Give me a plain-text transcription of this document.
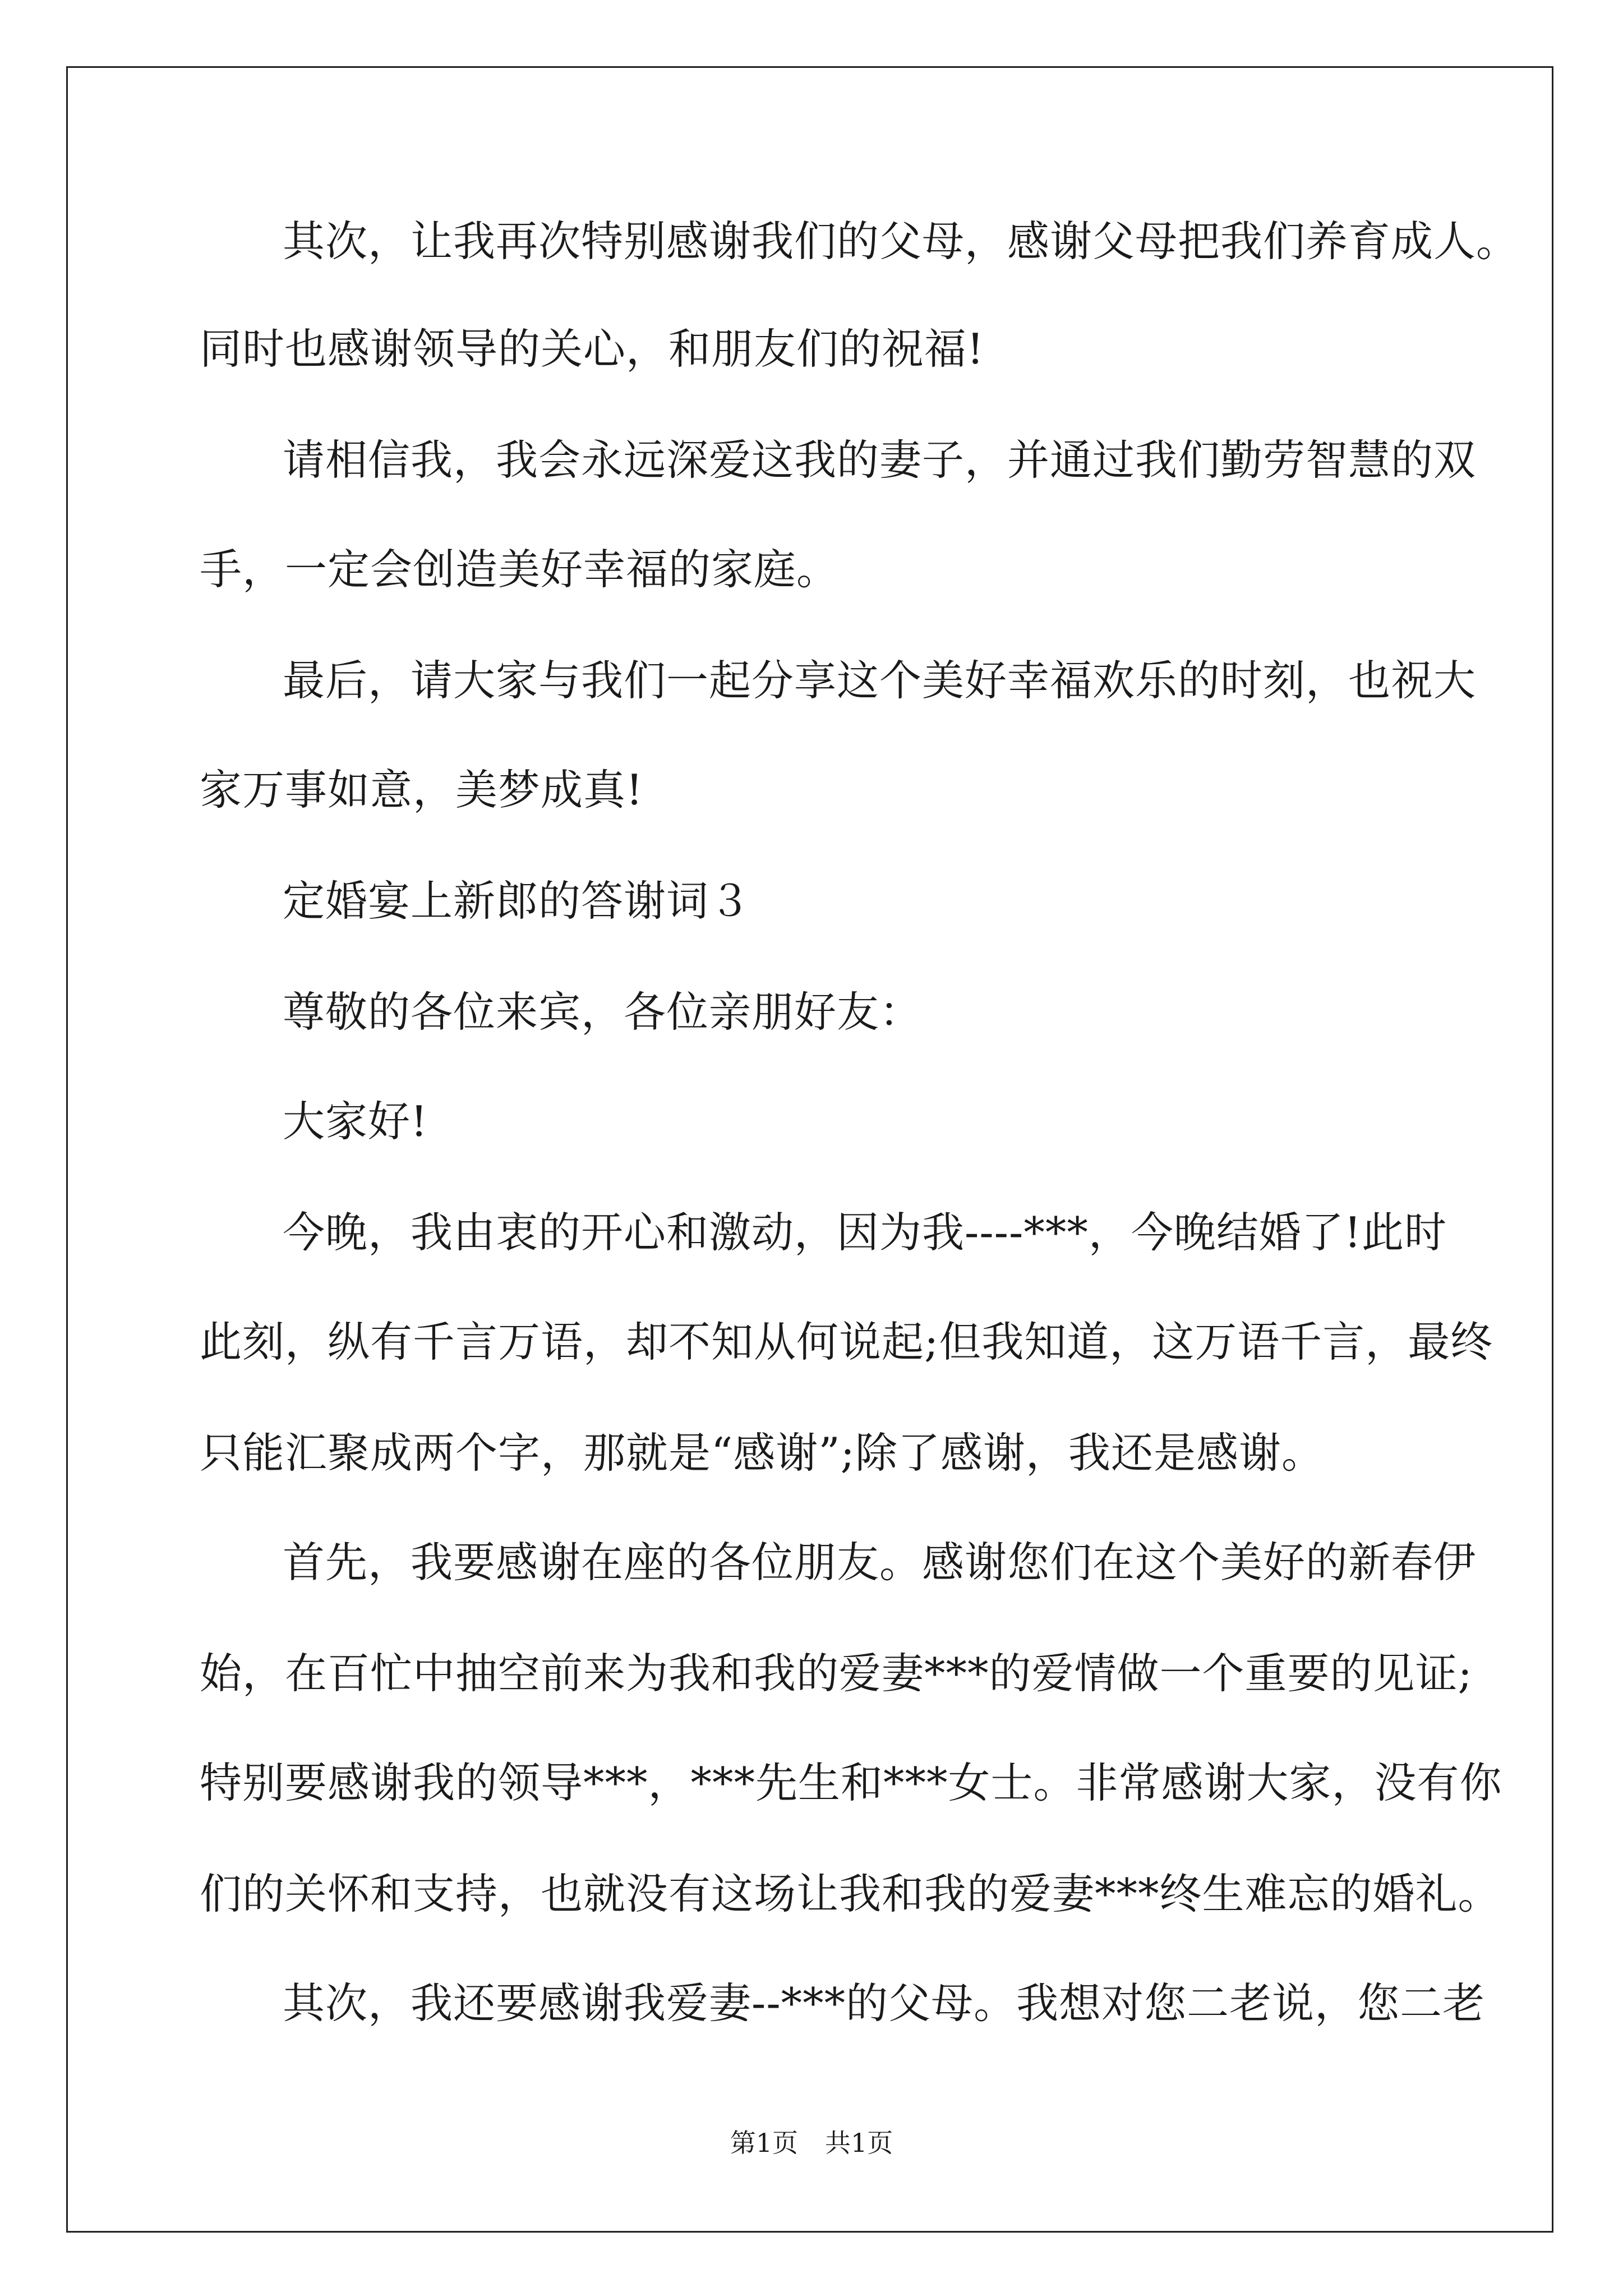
其次，让我再次特别感谢我们的父母，感谢父母把我们养育成人。
同时也感谢领导的关心，和朋友们的祝福!
请相信我，我会永远深爱这我的妻子，并通过我们勤劳智慧的双
手，一定会创造美好幸福的家庭。
最后，请大家与我们一起分享这个美好幸福欢乐的时刻，也祝大
家万事如意，美梦成真!
定婚宴上新郎的答谢词３
尊敬的各位来宾，各位亲朋好友：
大家好!
今晚，我由衷的开心和激动，因为我----***，今晚结婚了!此时
此刻，纵有千言万语，却不知从何说起;但我知道，这万语千言，最终
只能汇聚成两个字，那就是“感谢”;除了感谢，我还是感谢。
首先，我要感谢在座的各位朋友。感谢您们在这个美好的新春伊
始，在百忙中抽空前来为我和我的爱妻***的爱情做一个重要的见证;
特别要感谢我的领导***，***先生和***女士。非常感谢大家，没有你
们的关怀和支持，也就没有这场让我和我的爱妻***终生难忘的婚礼。
其次，我还要感谢我爱妻--***的父母。我想对您二老说，您二老
第1页 共1页
